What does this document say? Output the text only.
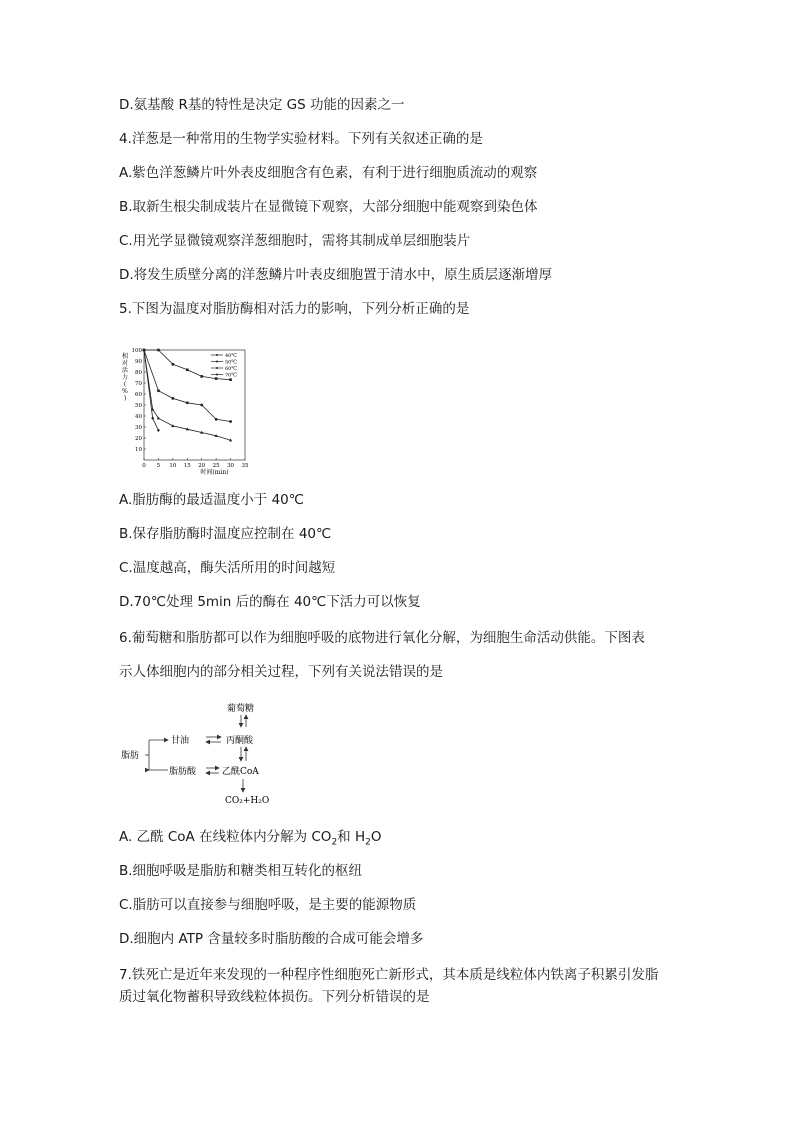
D.氨基酸 R基的特性是决定 GS 功能的因素之一
4.洋葱是一种常用的生物学实验材料。下列有关叙述正确的是
A.紫色洋葱鳞片叶外表皮细胞含有色素，有利于进行细胞质流动的观察
B.取新生根尖制成装片在显微镜下观察，大部分细胞中能观察到染色体
C.用光学显微镜观察洋葱细胞时，需将其制成单层细胞装片
D.将发生质壁分离的洋葱鳞片叶表皮细胞置于清水中，原生质层逐渐增厚
5.下图为温度对脂肪酶相对活力的影响，下列分析正确的是
0 5 10 15 20 25 30 35
10
20
30
40
50
60
70
80
90
100
时间(min)
相
对
活
力
(
%
)
40℃
50℃
60℃
70℃
A.脂肪酶的最适温度小于 40℃
B.保存脂肪酶时温度应控制在 40℃
C.温度越高，酶失活所用的时间越短
D.70℃处理 5min 后的酶在 40℃下活力可以恢复
6.葡萄糖和脂肪都可以作为细胞呼吸的底物进行氧化分解，为细胞生命活动供能。下图表
示人体细胞内的部分相关过程，下列有关说法错误的是
葡萄糖
甘油	丙酮酸
脂肪
脂肪酸	乙酰CoA
CO₂+H₂O
A. 乙酰 CoA 在线粒体内分解为 $CO_2$和 $H_2O$
B.细胞呼吸是脂肪和糖类相互转化的枢纽
C.脂肪可以直接参与细胞呼吸，是主要的能源物质
D.细胞内 ATP 含量较多时脂肪酸的合成可能会增多
7.铁死亡是近年来发现的一种程序性细胞死亡新形式，其本质是线粒体内铁离子积累引发脂
质过氧化物蓄积导致线粒体损伤。下列分析错误的是
